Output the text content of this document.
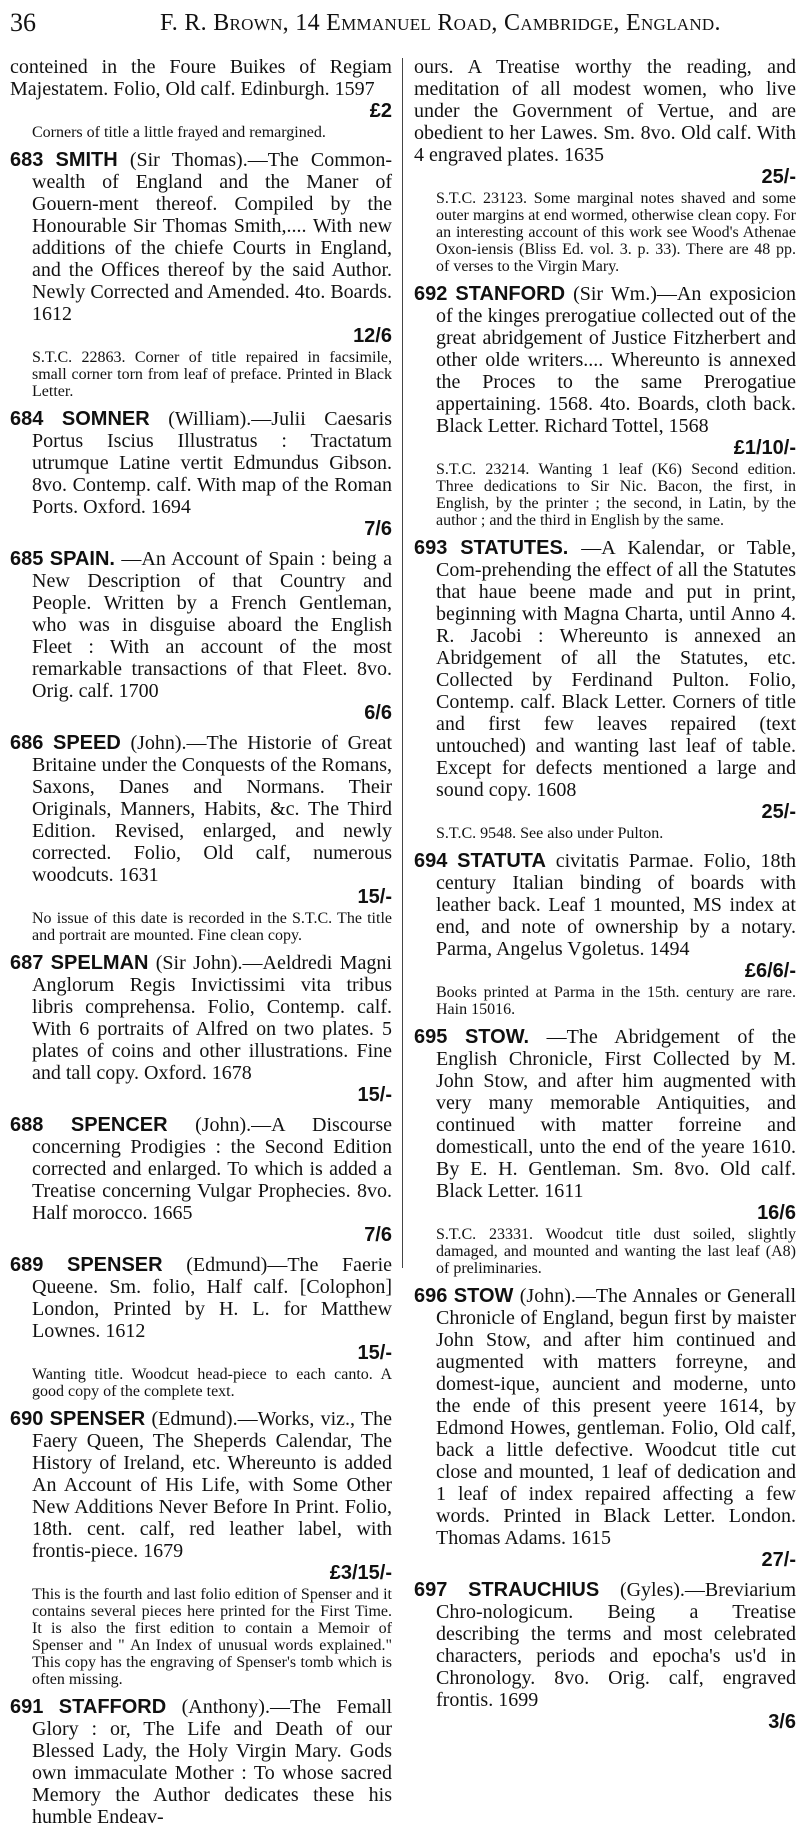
36	F. R. Brown, 14 Emmanuel Road, Cambridge, England.
conteined in the Foure Buikes of Regiam Majestatem. Folio, Old calf. Edinburgh. 1597
£2
Corners of title a little frayed and remargined.
683 SMITH (Sir Thomas).—The Common-wealth of England and the Maner of Gouern-ment thereof. Compiled by the Honourable Sir Thomas Smith,.... With new additions of the chiefe Courts in England, and the Offices thereof by the said Author. Newly Corrected and Amended. 4to. Boards. 1612
12/6
S.T.C. 22863. Corner of title repaired in facsimile, small corner torn from leaf of preface. Printed in Black Letter.
684 SOMNER (William).—Julii Caesaris Portus Iscius Illustratus : Tractatum utrumque Latine vertit Edmundus Gibson. 8vo. Contemp. calf. With map of the Roman Ports. Oxford. 1694
7/6
685 SPAIN. —An Account of Spain : being a New Description of that Country and People. Written by a French Gentleman, who was in disguise aboard the English Fleet : With an account of the most remarkable transactions of that Fleet. 8vo. Orig. calf. 1700
6/6
686 SPEED (John).—The Historie of Great Britaine under the Conquests of the Romans, Saxons, Danes and Normans. Their Originals, Manners, Habits, &c. The Third Edition. Revised, enlarged, and newly corrected. Folio, Old calf, numerous woodcuts. 1631
15/-
No issue of this date is recorded in the S.T.C. The title and portrait are mounted. Fine clean copy.
687 SPELMAN (Sir John).—Aeldredi Magni Anglorum Regis Invictissimi vita tribus libris comprehensa. Folio, Contemp. calf. With 6 portraits of Alfred on two plates. 5 plates of coins and other illustrations. Fine and tall copy. Oxford. 1678
15/-
688 SPENCER (John).—A Discourse concerning Prodigies : the Second Edition corrected and enlarged. To which is added a Treatise concerning Vulgar Prophecies. 8vo. Half morocco. 1665
7/6
689 SPENSER (Edmund)—The Faerie Queene. Sm. folio, Half calf. [Colophon] London, Printed by H. L. for Matthew Lownes. 1612
15/-
Wanting title. Woodcut head-piece to each canto. A good copy of the complete text.
690 SPENSER (Edmund).—Works, viz., The Faery Queen, The Sheperds Calendar, The History of Ireland, etc. Whereunto is added An Account of His Life, with Some Other New Additions Never Before In Print. Folio, 18th. cent. calf, red leather label, with frontis-piece. 1679
£3/15/-
This is the fourth and last folio edition of Spenser and it contains several pieces here printed for the First Time. It is also the first edition to contain a Memoir of Spenser and " An Index of unusual words explained." This copy has the engraving of Spenser's tomb which is often missing.
691 STAFFORD (Anthony).—The Femall Glory : or, The Life and Death of our Blessed Lady, the Holy Virgin Mary. Gods own immaculate Mother : To whose sacred Memory the Author dedicates these his humble Endeav-
ours. A Treatise worthy the reading, and meditation of all modest women, who live under the Government of Vertue, and are obedient to her Lawes. Sm. 8vo. Old calf. With 4 engraved plates. 1635
25/-
S.T.C. 23123. Some marginal notes shaved and some outer margins at end wormed, otherwise clean copy. For an interesting account of this work see Wood's Athenae Oxon-iensis (Bliss Ed. vol. 3. p. 33). There are 48 pp. of verses to the Virgin Mary.
692 STANFORD (Sir Wm.)—An exposicion of the kinges prerogatiue collected out of the great abridgement of Justice Fitzherbert and other olde writers.... Whereunto is annexed the Proces to the same Prerogatiue appertaining. 1568. 4to. Boards, cloth back. Black Letter. Richard Tottel, 1568
£1/10/-
S.T.C. 23214. Wanting 1 leaf (K6) Second edition. Three dedications to Sir Nic. Bacon, the first, in English, by the printer ; the second, in Latin, by the author ; and the third in English by the same.
693 STATUTES. —A Kalendar, or Table, Com-prehending the effect of all the Statutes that haue beene made and put in print, beginning with Magna Charta, until Anno 4. R. Jacobi : Whereunto is annexed an Abridgement of all the Statutes, etc. Collected by Ferdinand Pulton. Folio, Contemp. calf. Black Letter. Corners of title and first few leaves repaired (text untouched) and wanting last leaf of table. Except for defects mentioned a large and sound copy. 1608
25/-
S.T.C. 9548. See also under Pulton.
694 STATUTA civitatis Parmae. Folio, 18th century Italian binding of boards with leather back. Leaf 1 mounted, MS index at end, and note of ownership by a notary. Parma, Angelus Vgoletus. 1494
£6/6/-
Books printed at Parma in the 15th. century are rare. Hain 15016.
695 STOW. —The Abridgement of the English Chronicle, First Collected by M. John Stow, and after him augmented with very many memorable Antiquities, and continued with matter forreine and domesticall, unto the end of the yeare 1610. By E. H. Gentleman. Sm. 8vo. Old calf. Black Letter. 1611
16/6
S.T.C. 23331. Woodcut title dust soiled, slightly damaged, and mounted and wanting the last leaf (A8) of preliminaries.
696 STOW (John).—The Annales or Generall Chronicle of England, begun first by maister John Stow, and after him continued and augmented with matters forreyne, and domest-ique, auncient and moderne, unto the ende of this present yeere 1614, by Edmond Howes, gentleman. Folio, Old calf, back a little defective. Woodcut title cut close and mounted, 1 leaf of dedication and 1 leaf of index repaired affecting a few words. Printed in Black Letter. London. Thomas Adams. 1615
27/-
697 STRAUCHIUS (Gyles).—Breviarium Chro-nologicum. Being a Treatise describing the terms and most celebrated characters, periods and epocha's us'd in Chronology. 8vo. Orig. calf, engraved frontis. 1699
3/6
